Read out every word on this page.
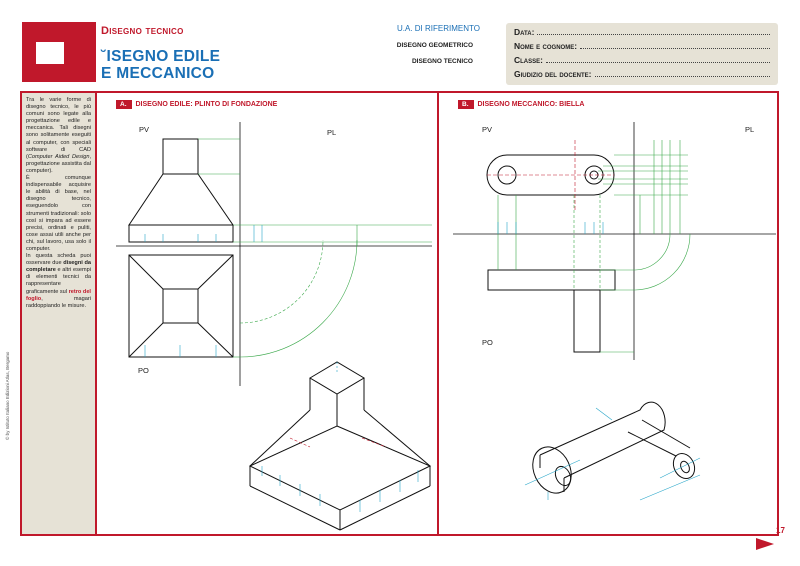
Disegno tecnico
˘ISEGNO EDILE
E MECCANICO
U.A. DI RIFERIMENTO
DISEGNO GEOMETRICO
DISEGNO TECNICO
Data:
Nome e cognome:
Classe:
Giudizio del docente:
Tra le varie forme di disegno tecnico, le più comuni sono legate alla progettazione edile e meccanica. Tali disegni sono solitamente eseguiti al computer, con speciali software di CAD (Computer Aided Design, progettazione assistita dal computer).
È comunque indispensabile acquisire le abilità di base, nel disegno tecnico, eseguendolo con strumenti tradizionali: solo così si impara ad essere precisi, ordinati e puliti, cose assai utili anche per chi, sul lavoro, usa solo il computer.
In questa scheda puoi osservare due disegni da completare e altri esempi di elementi tecnici da rappresentare graficamente sul retro del foglio, magari raddoppiando le misure.
A.	DISEGNO EDILE: PLINTO DI FONDAZIONE	B.	DISEGNO MECCANICO: BIELLA
PV	PL
PO
PV	PL
PO
© by Istituto Italiano Edizioni Atlas, Bergamo
17
